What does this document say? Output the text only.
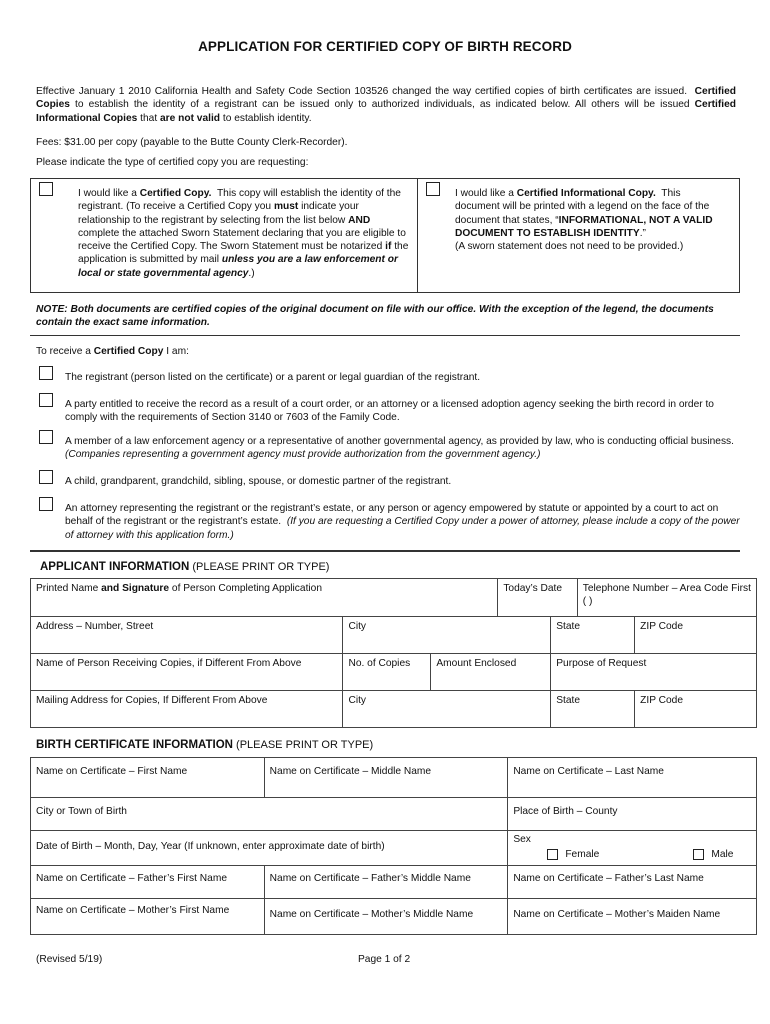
APPLICATION FOR CERTIFIED COPY OF BIRTH RECORD
Effective January 1 2010 California Health and Safety Code Section 103526 changed the way certified copies of birth certificates are issued. Certified Copies to establish the identity of a registrant can be issued only to authorized individuals, as indicated below. All others will be issued Certified Informational Copies that are not valid to establish identity.
Fees: $31.00 per copy (payable to the Butte County Clerk-Recorder).
Please indicate the type of certified copy you are requesting:
I would like a Certified Copy. This copy will establish the identity of the registrant. (To receive a Certified Copy you must indicate your relationship to the registrant by selecting from the list below AND complete the attached Sworn Statement declaring that you are eligible to receive the Certified Copy. The Sworn Statement must be notarized if the application is submitted by mail unless you are a law enforcement or local or state governmental agency.)
I would like a Certified Informational Copy. This document will be printed with a legend on the face of the document that states, “INFORMATIONAL, NOT A VALID DOCUMENT TO ESTABLISH IDENTITY.”
(A sworn statement does not need to be provided.)
NOTE: Both documents are certified copies of the original document on file with our office. With the exception of the legend, the documents contain the exact same information.
To receive a Certified Copy I am:
The registrant (person listed on the certificate) or a parent or legal guardian of the registrant.
A party entitled to receive the record as a result of a court order, or an attorney or a licensed adoption agency seeking the birth record in order to comply with the requirements of Section 3140 or 7603 of the Family Code.
A member of a law enforcement agency or a representative of another governmental agency, as provided by law, who is conducting official business. (Companies representing a government agency must provide authorization from the government agency.)
A child, grandparent, grandchild, sibling, spouse, or domestic partner of the registrant.
An attorney representing the registrant or the registrant’s estate, or any person or agency empowered by statute or appointed by a court to act on behalf of the registrant or the registrant’s estate. (If you are requesting a Certified Copy under a power of attorney, please include a copy of the power of attorney with this application form.)
APPLICANT INFORMATION (PLEASE PRINT OR TYPE)
Printed Name and Signature of Person Completing Application	Today’s Date	Telephone Number – Area Code First
( )
Address – Number, Street	City		State	ZIP Code
Name of Person Receiving Copies, if Different From Above	No. of Copies	Amount Enclosed	Purpose of Request	
Mailing Address for Copies, If Different From Above	City		State	ZIP Code
BIRTH CERTIFICATE INFORMATION (PLEASE PRINT OR TYPE)
Name on Certificate – First Name	Name on Certificate – Middle Name	Name on Certificate – Last Name
City or Town of Birth		Place of Birth – County
Date of Birth – Month, Day, Year (If unknown, enter approximate date of birth)		Sex
Female Male

Name on Certificate – Father’s First Name	Name on Certificate – Father’s Middle Name	Name on Certificate – Father’s Last Name
Name on Certificate – Mother’s First Name	Name on Certificate – Mother’s Middle Name	Name on Certificate – Mother’s Maiden Name
(Revised 5/19)	Page 1 of 2
